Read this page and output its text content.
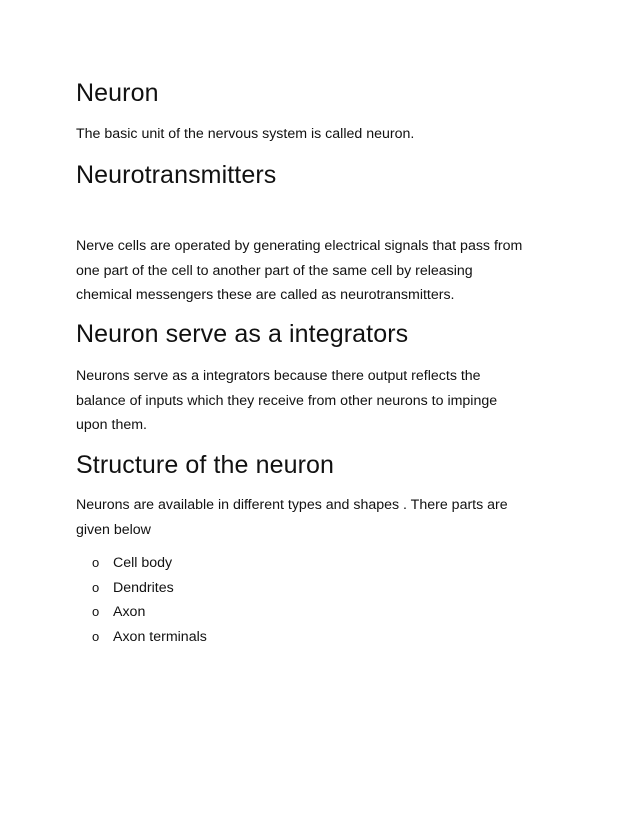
Neuron

The basic unit of the nervous system is called neuron.

Neurotransmitters

Nerve cells are operated by generating electrical signals that pass from
one part of the cell to another part of the same cell by releasing
chemical messengers these are called as neurotransmitters.

Neuron serve as a integrators

Neurons serve as a integrators because there output reflects the
balance of inputs which they receive from other neurons to impinge
upon them.

Structure of the neuron

Neurons are available in different types and shapes . There parts are
given below

o Cell body
o Dendrites
o Axon
o Axon terminals
